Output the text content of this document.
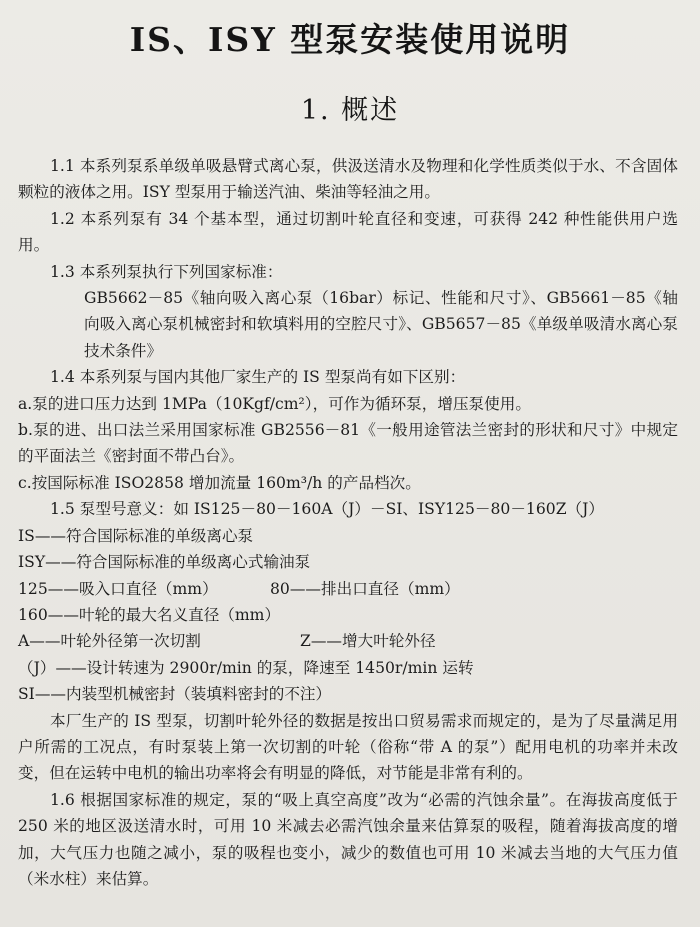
IS、ISY 型泵安装使用说明
1. 概述

1.1 本系列泵系单级单吸悬臂式离心泵，供汲送清水及物理和化学性质类似于水、不含固体颗粒的液体之用。ISY 型泵用于输送汽油、柴油等轻油之用。

1.2 本系列泵有 34 个基本型，通过切割叶轮直径和变速，可获得 242 种性能供用户选用。

1.3 本系列泵执行下列国家标准：

GB5662－85《轴向吸入离心泵（16bar）标记、性能和尺寸》、GB5661－85《轴向吸入离心泵机械密封和软填料用的空腔尺寸》、GB5657－85《单级单吸清水离心泵技术条件》

1.4 本系列泵与国内其他厂家生产的 IS 型泵尚有如下区别：

a.泵的进口压力达到 1MPa（10Kgf/cm²），可作为循环泵，增压泵使用。

b.泵的进、出口法兰采用国家标准 GB2556－81《一般用途管法兰密封的形状和尺寸》中规定的平面法兰《密封面不带凸台》。

c.按国际标准 ISO2858 增加流量 160m³/h 的产品档次。

1.5 泵型号意义：如 IS125－80－160A（J）－SI、ISY125－80－160Z（J）

IS——符合国际标准的单级离心泵

ISY——符合国际标准的单级离心式输油泵

125——吸入口直径（mm）	80——排出口直径（mm）

160——叶轮的最大名义直径（mm）

A——叶轮外径第一次切割	Z——增大叶轮外径

（J）——设计转速为 2900r/min 的泵，降速至 1450r/min 运转

SI——内装型机械密封（装填料密封的不注）

本厂生产的 IS 型泵，切割叶轮外径的数据是按出口贸易需求而规定的，是为了尽量满足用户所需的工况点，有时泵装上第一次切割的叶轮（俗称“带 A 的泵”）配用电机的功率并未改变，但在运转中电机的输出功率将会有明显的降低，对节能是非常有利的。

1.6 根据国家标准的规定，泵的“吸上真空高度”改为“必需的汽蚀余量”。在海拔高度低于 250 米的地区汲送清水时，可用 10 米减去必需汽蚀余量来估算泵的吸程，随着海拔高度的增加，大气压力也随之减小，泵的吸程也变小，减少的数值也可用 10 米减去当地的大气压力值（米水柱）来估算。
